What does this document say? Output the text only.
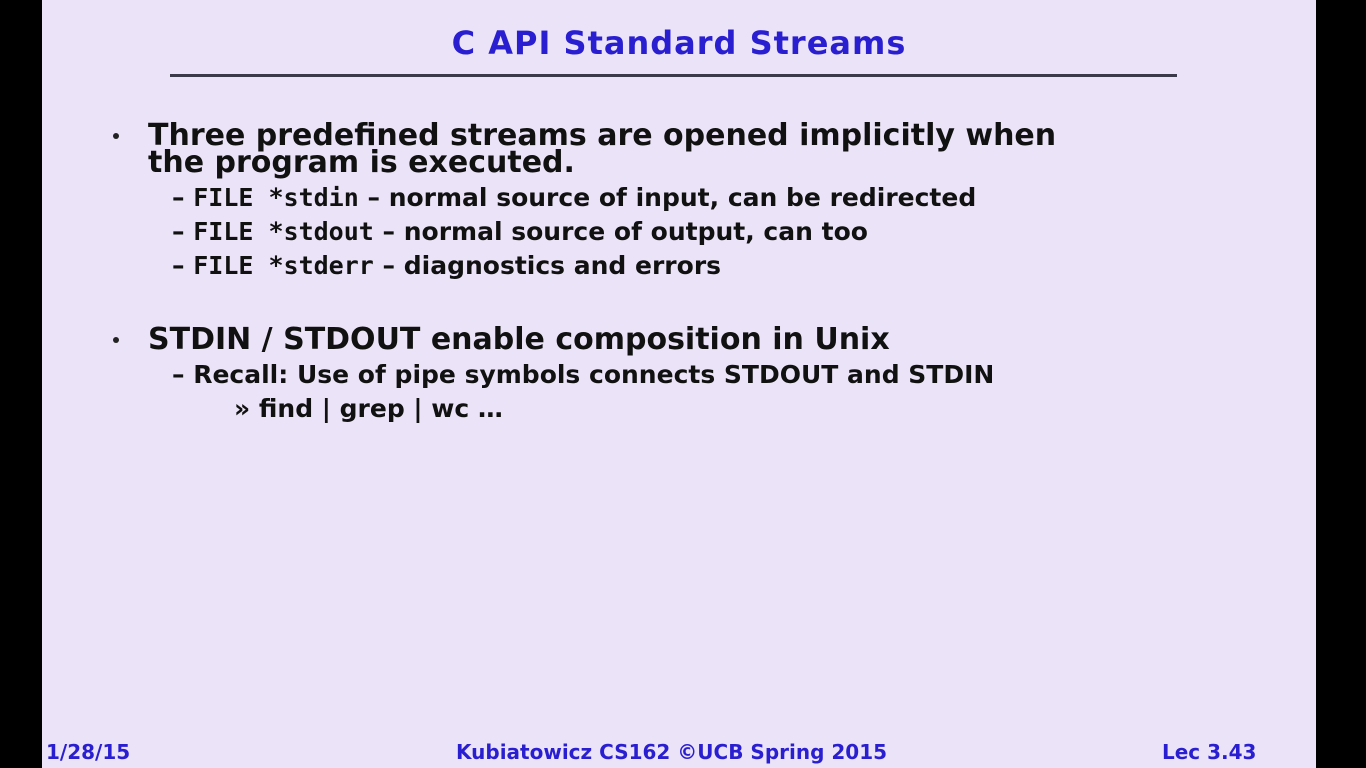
C API Standard Streams
Three predefined streams are opened implicitly when
the program is executed.
– FILE *stdin – normal source of input, can be redirected
– FILE *stdout – normal source of output, can too
– FILE *stderr – diagnostics and errors
STDIN / STDOUT enable composition in Unix
– Recall: Use of pipe symbols connects STDOUT and STDIN
» find | grep | wc …
1/28/15	Kubiatowicz CS162 ©UCB Spring 2015	Lec 3.43
